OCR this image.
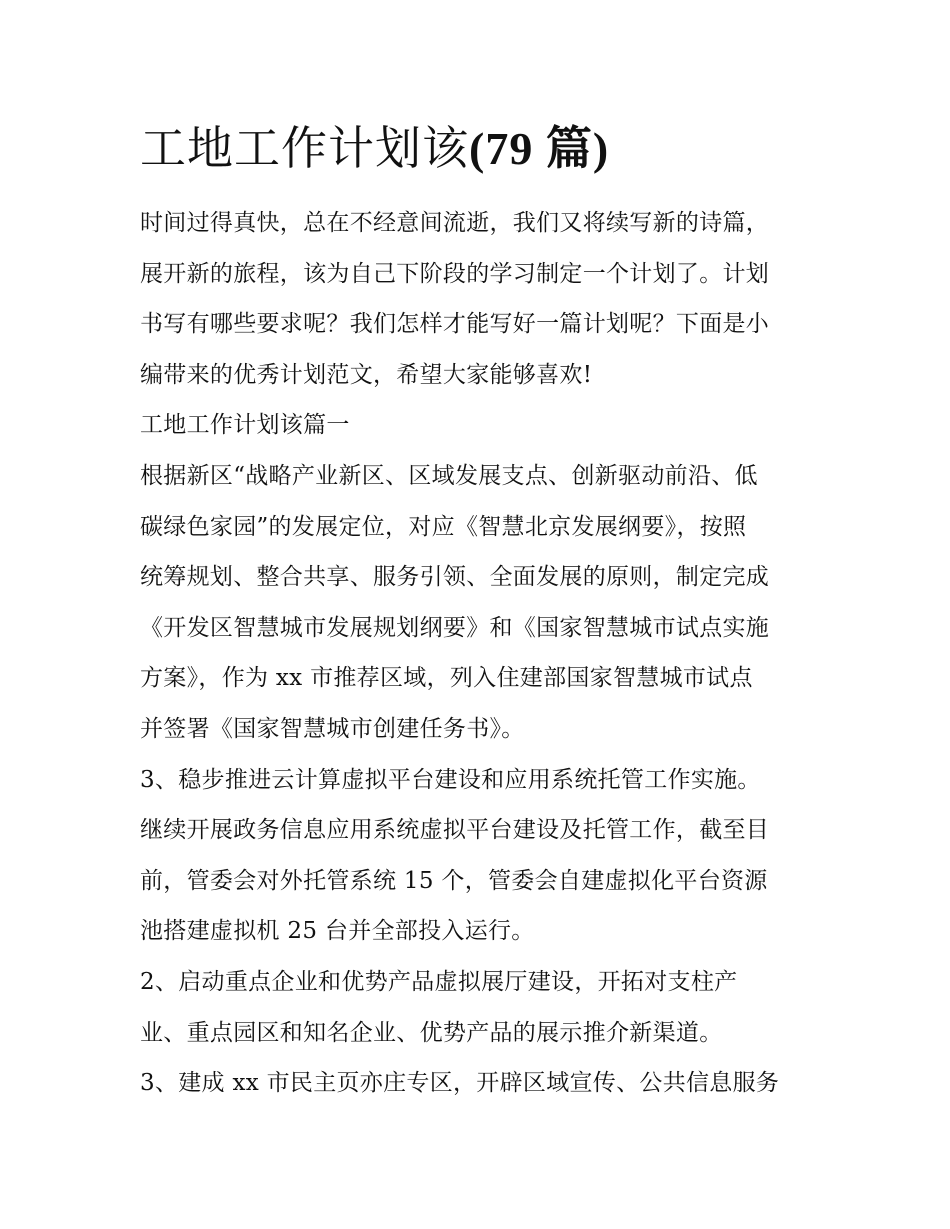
工地工作计划该(79 篇)

时间过得真快，总在不经意间流逝，我们又将续写新的诗篇，

展开新的旅程，该为自己下阶段的学习制定一个计划了。计划

书写有哪些要求呢？我们怎样才能写好一篇计划呢？下面是小

编带来的优秀计划范文，希望大家能够喜欢!

工地工作计划该篇一

根据新区“战略产业新区、区域发展支点、创新驱动前沿、低

碳绿色家园”的发展定位，对应《智慧北京发展纲要》，按照

统筹规划、整合共享、服务引领、全面发展的原则，制定完成

《开发区智慧城市发展规划纲要》和《国家智慧城市试点实施

方案》，作为 xx 市推荐区域，列入住建部国家智慧城市试点

并签署《国家智慧城市创建任务书》。

3、稳步推进云计算虚拟平台建设和应用系统托管工作实施。

继续开展政务信息应用系统虚拟平台建设及托管工作，截至目

前，管委会对外托管系统 15 个，管委会自建虚拟化平台资源

池搭建虚拟机 25 台并全部投入运行。

2、启动重点企业和优势产品虚拟展厅建设，开拓对支柱产

业、重点园区和知名企业、优势产品的展示推介新渠道。

3、建成 xx 市民主页亦庄专区，开辟区域宣传、公共信息服务
